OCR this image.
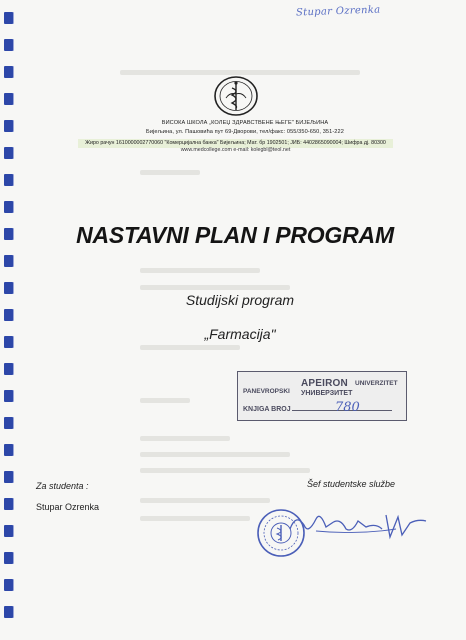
Stupar Ozrenka
ВИСОКА ШКОЛА „КОЛЕЏ ЗДРАВСТВЕНЕ ЊЕГЕ" БИЈЕЉИНА
Бијељина, ул. Пашовића пут 69-Дворови, тел/факс: 055/350-650, 351-222
Жиро рачун 1610000002770060 "Комерцијална банка" Бијељина; Мат. бр 1902501; ЈИБ: 4402865090004; Шифра дј. 80300
www.medcollege.com e-mail: kolegbl@teol.net
NASTAVNI PLAN I PROGRAM
Studijski program
„Farmacija"
PANEVROPSKI
APEIRON
УНИВЕРЗИТЕТ
UNIVERZITET
KNJIGA BROJ	780
Za studenta :
Stupar Ozrenka
Šef studentske službe
